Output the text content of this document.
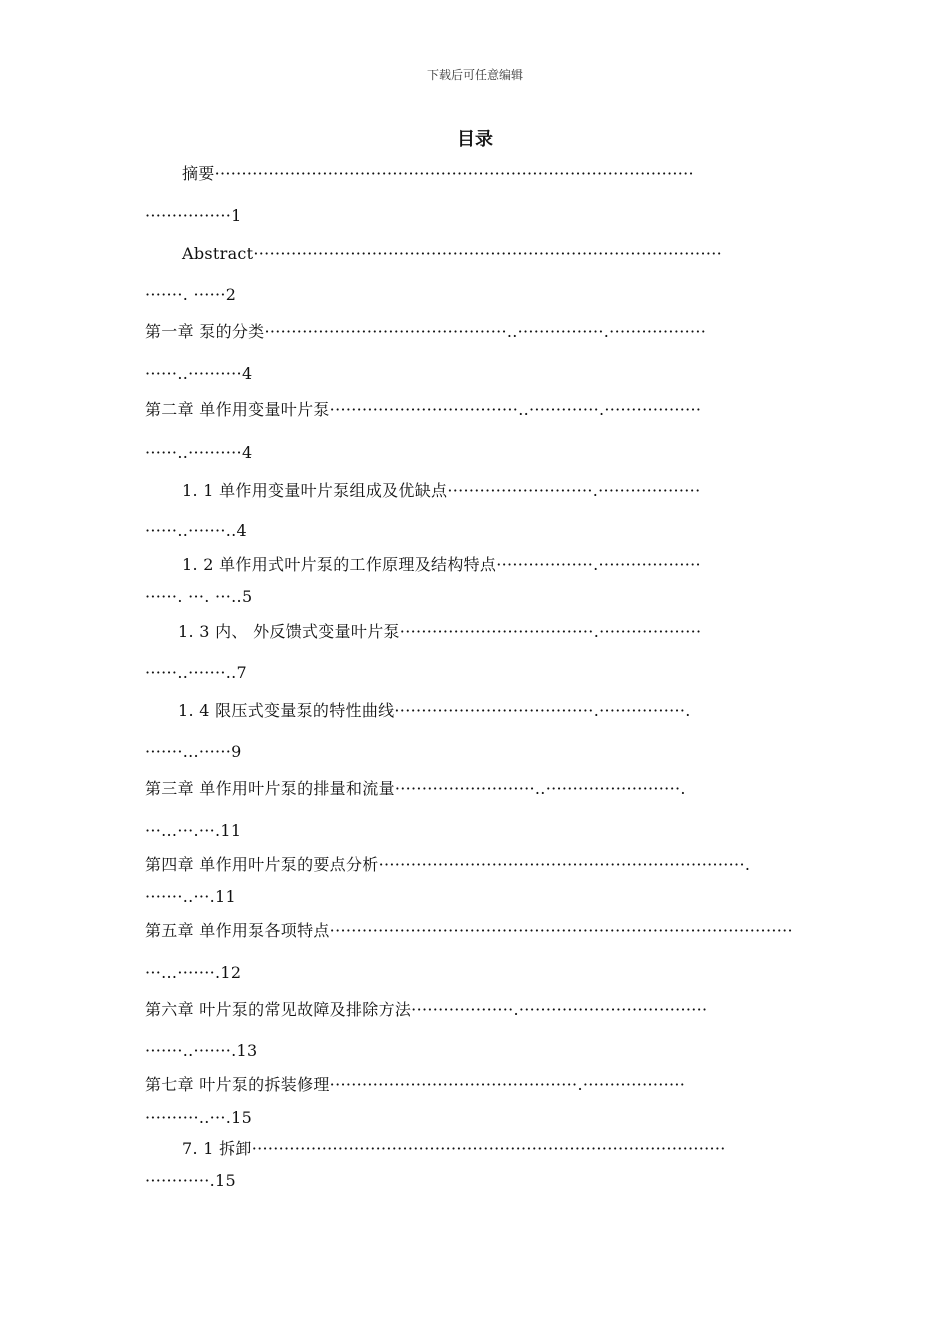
下载后可任意编辑
目录
摘要·························································································
················1
Abstract·······················································································
·······. ······2
第一章 泵的分类·············································..················.··················
······..··········4
第二章 单作用变量叶片泵···································..·············.··················
······..··········4
1. 1 单作用变量叶片泵组成及优缺点···························.···················
······..·······..4
1. 2 单作用式叶片泵的工作原理及结构特点··················.···················
······. ···. ···..5
1. 3 内、 外反馈式变量叶片泵····································.···················
······..·······..7
1. 4 限压式变量泵的特性曲线·····································.················.
·······...······9
第三章 单作用叶片泵的排量和流量··························..·························.
···...···.···.11
第四章 单作用叶片泵的要点分析····································································.
·······..···.11
第五章 单作用泵各项特点······················································································
···...·······.12
第六章 叶片泵的常见故障及排除方法···················.···································
·······..·······.13
第七章 叶片泵的拆装修理··············································.···················
··········..···.15
7. 1 拆卸························································································
············.15
